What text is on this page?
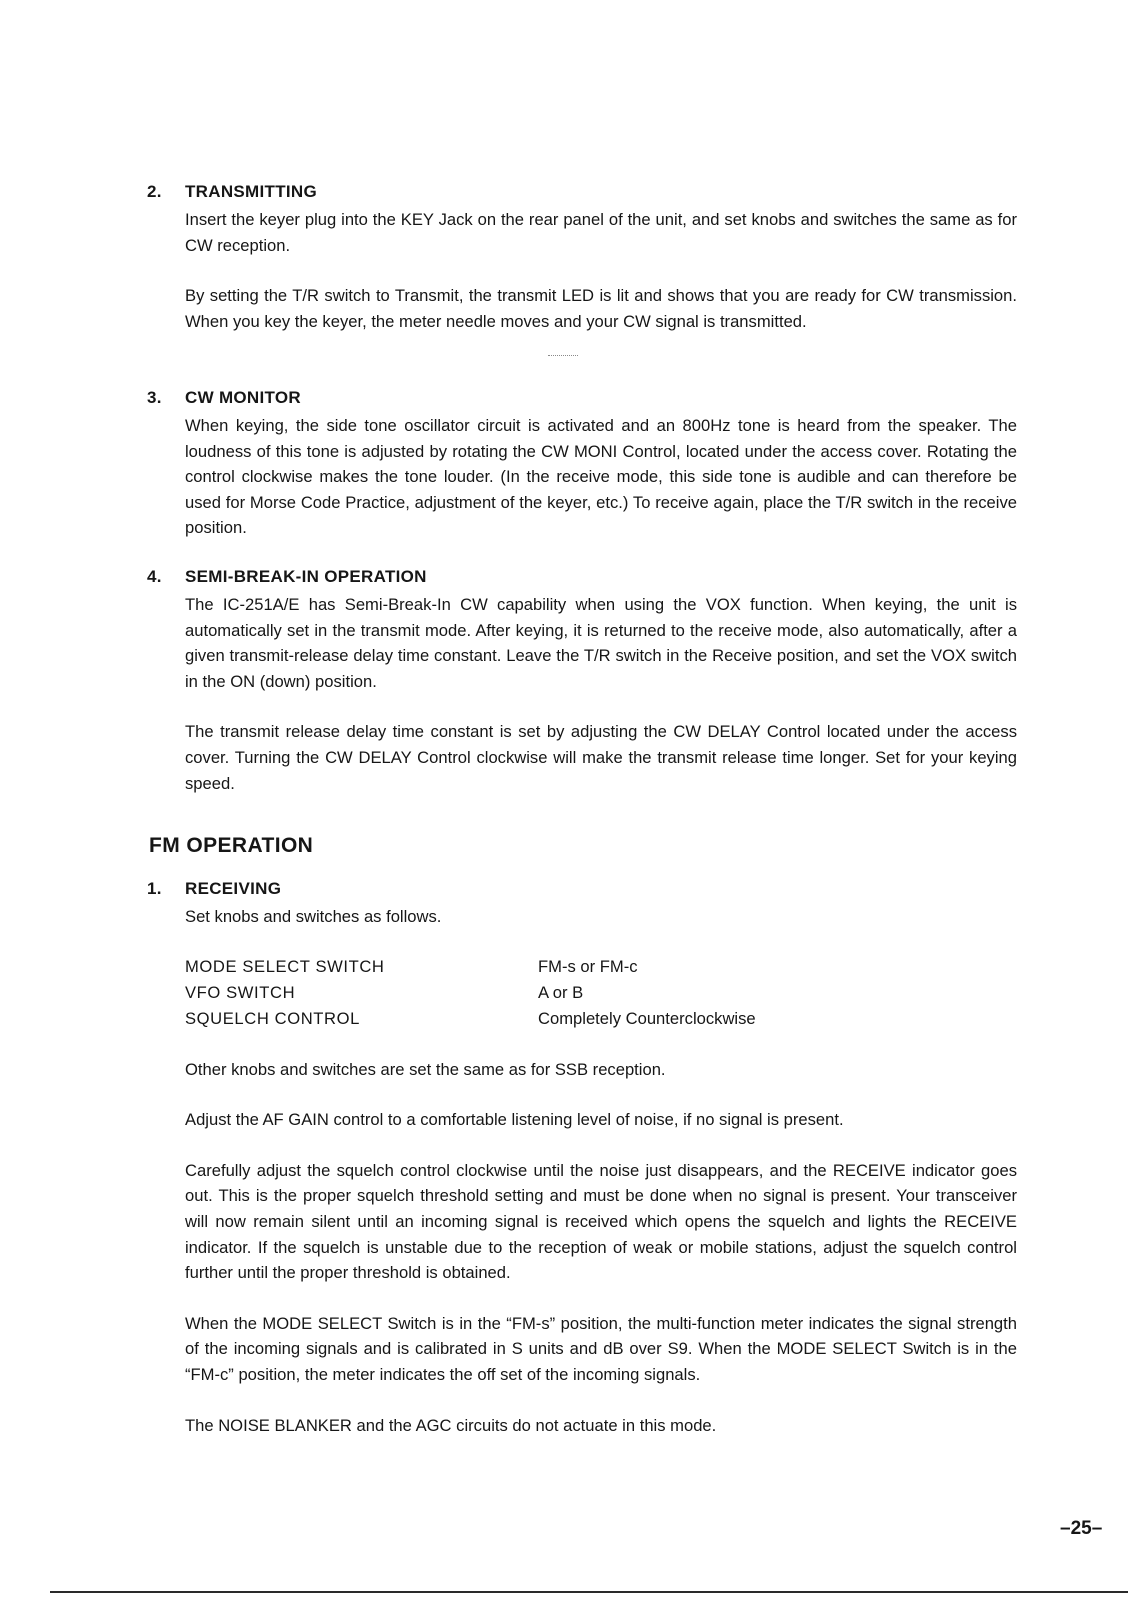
2. TRANSMITTING

Insert the keyer plug into the KEY Jack on the rear panel of the unit, and set knobs and switches the same as for CW reception.

By setting the T/R switch to Transmit, the transmit LED is lit and shows that you are ready for CW transmission. When you key the keyer, the meter needle moves and your CW signal is transmitted.

3. CW MONITOR

When keying, the side tone oscillator circuit is activated and an 800Hz tone is heard from the speaker. The loudness of this tone is adjusted by rotating the CW MONI Control, located under the access cover. Rotating the control clockwise makes the tone louder. (In the receive mode, this side tone is audible and can therefore be used for Morse Code Practice, adjustment of the keyer, etc.) To receive again, place the T/R switch in the receive position.

4. SEMI-BREAK-IN OPERATION

The IC-251A/E has Semi-Break-In CW capability when using the VOX function. When keying, the unit is automatically set in the transmit mode. After keying, it is returned to the receive mode, also automatically, after a given transmit-release delay time constant. Leave the T/R switch in the Receive position, and set the VOX switch in the ON (down) position.

The transmit release delay time constant is set by adjusting the CW DELAY Control located under the access cover. Turning the CW DELAY Control clockwise will make the transmit release time longer. Set for your keying speed.

FM OPERATION
1. RECEIVING

Set knobs and switches as follows.

MODE SELECT SWITCH	FM-s or FM-c
VFO SWITCH	A or B
SQUELCH CONTROL	Completely Counterclockwise

Other knobs and switches are set the same as for SSB reception.

Adjust the AF GAIN control to a comfortable listening level of noise, if no signal is present.

Carefully adjust the squelch control clockwise until the noise just disappears, and the RECEIVE indicator goes out. This is the proper squelch threshold setting and must be done when no signal is present. Your transceiver will now remain silent until an incoming signal is received which opens the squelch and lights the RECEIVE indicator. If the squelch is unstable due to the reception of weak or mobile stations, adjust the squelch control further until the proper threshold is obtained.

When the MODE SELECT Switch is in the “FM-s” position, the multi-function meter indicates the signal strength of the incoming signals and is calibrated in S units and dB over S9. When the MODE SELECT Switch is in the “FM-c” position, the meter indicates the off set of the incoming signals.

The NOISE BLANKER and the AGC circuits do not actuate in this mode.

–25–
